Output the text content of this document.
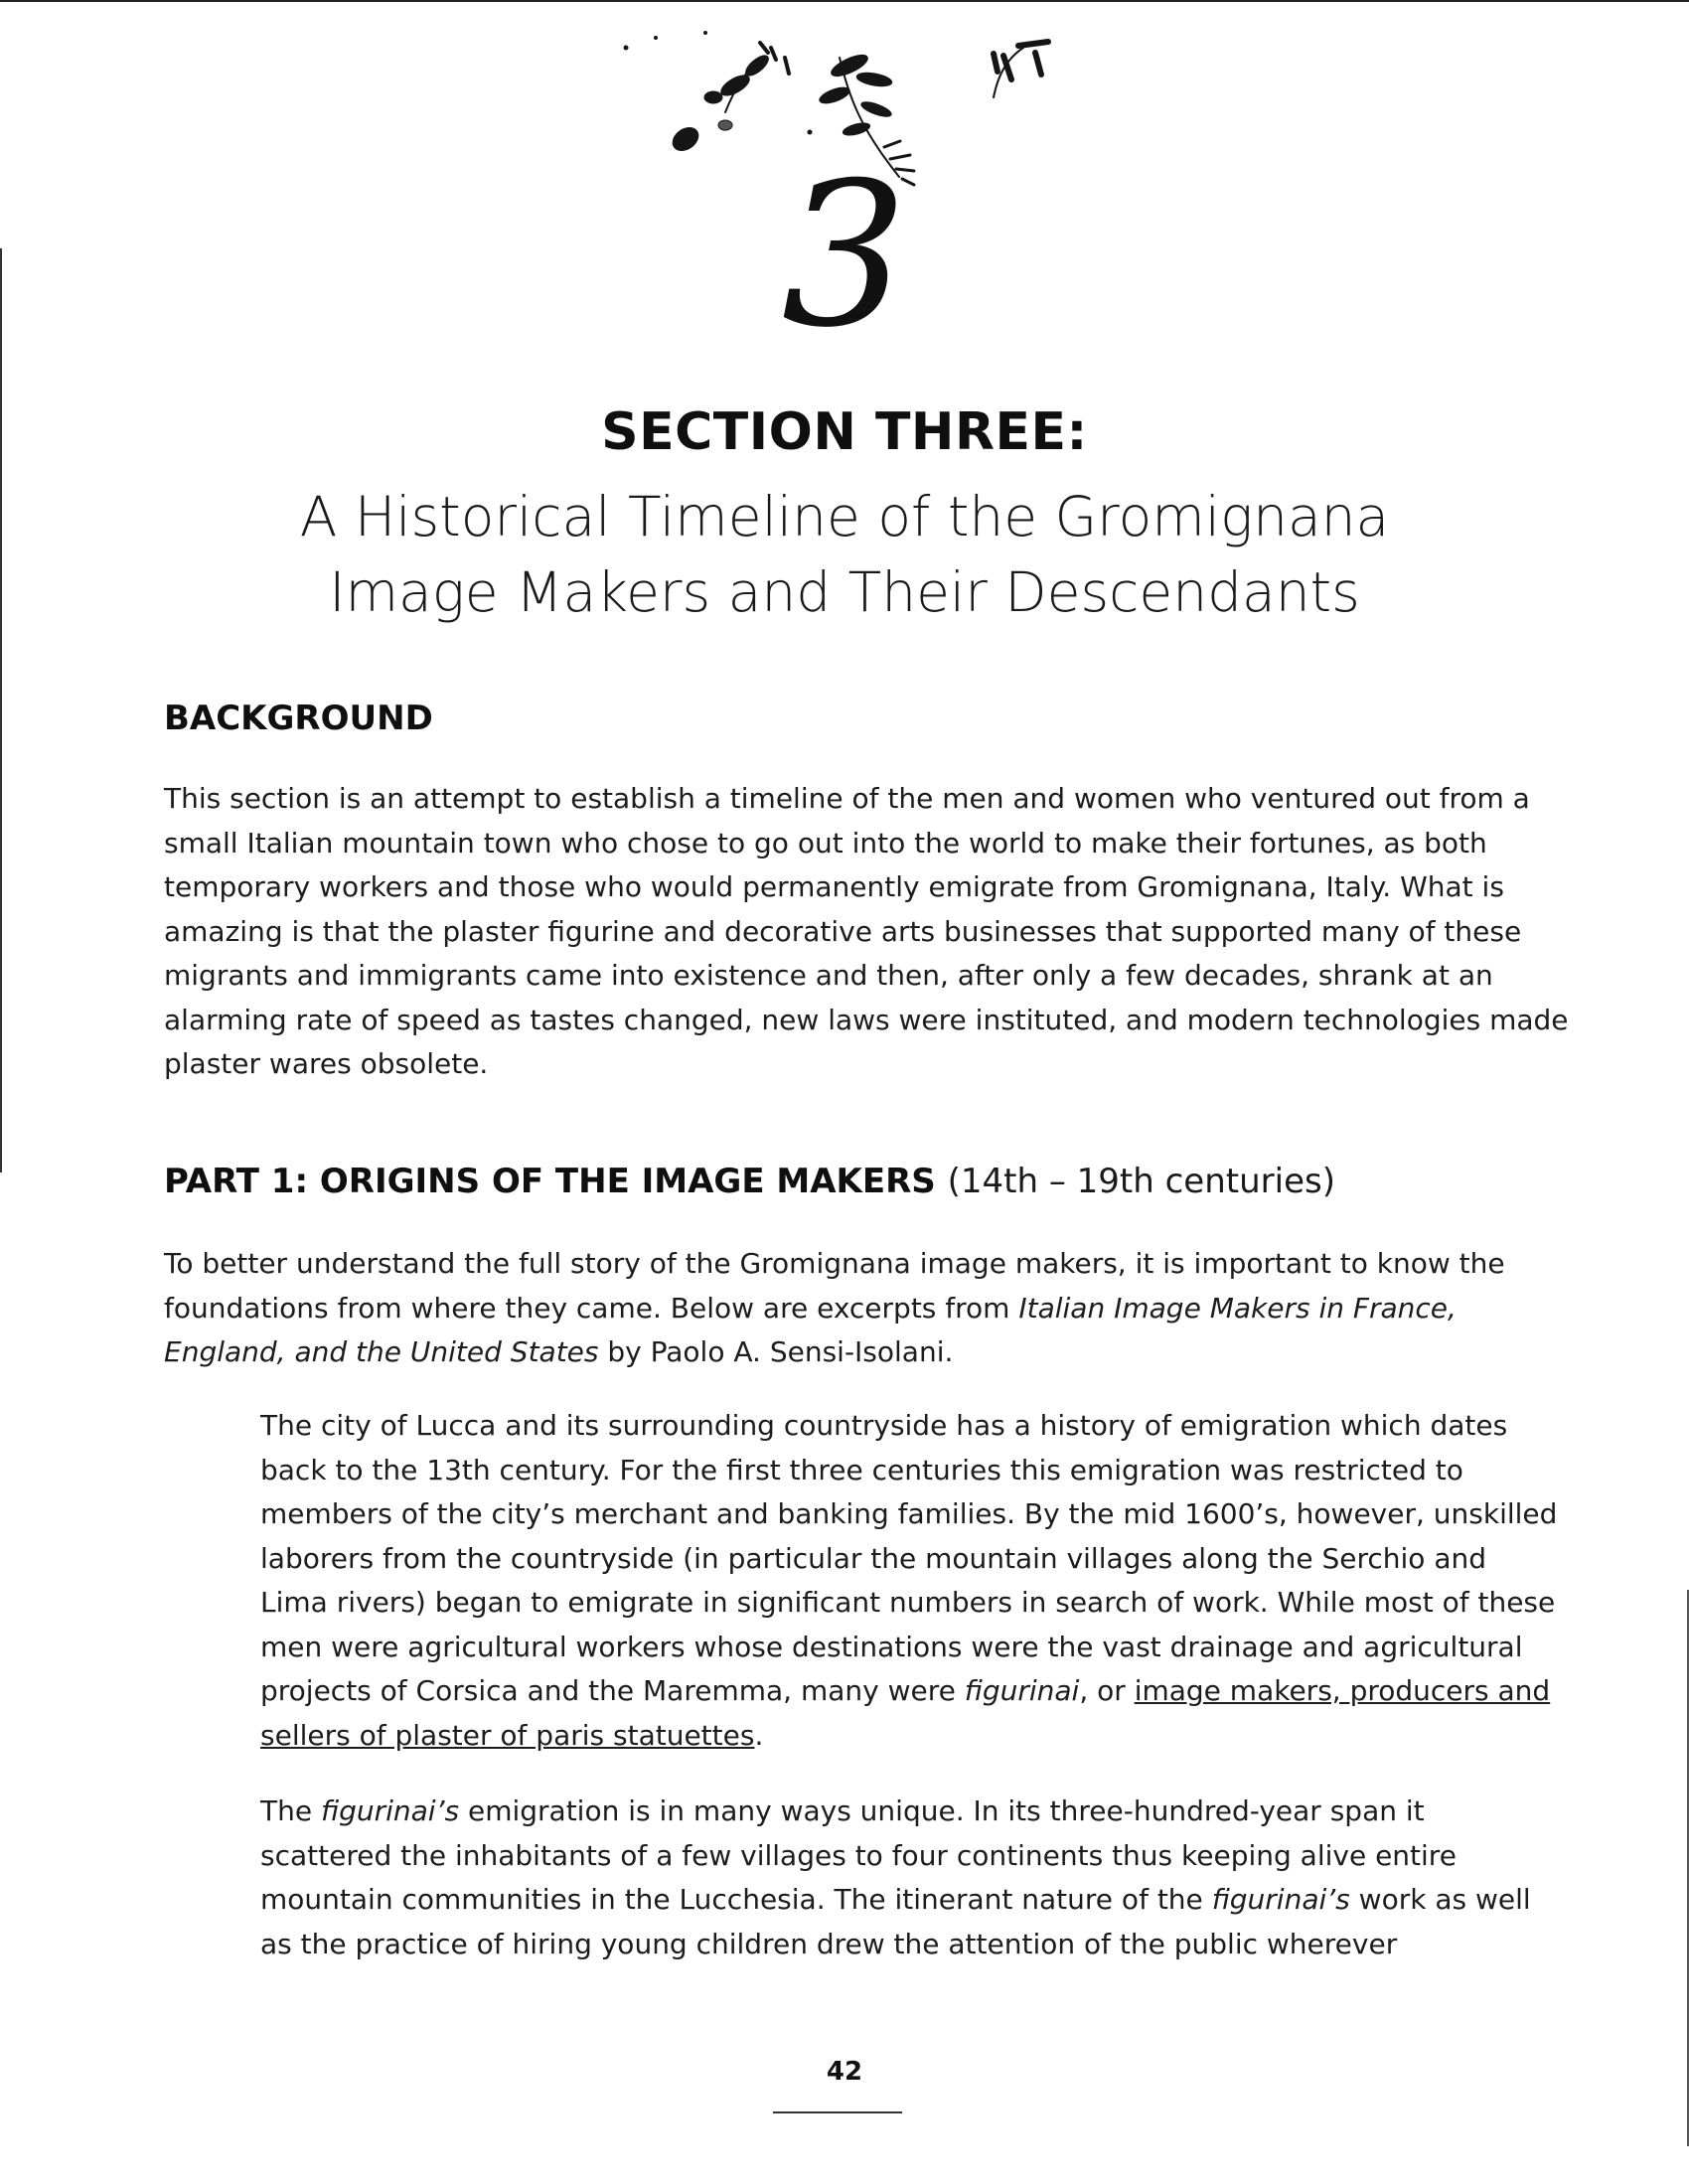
3
SECTION THREE:
A Historical Timeline of the Gromignana
Image Makers and Their Descendants
BACKGROUND

This section is an attempt to establish a timeline of the men and women who ventured out from a small Italian mountain town who chose to go out into the world to make their fortunes, as both temporary workers and those who would permanently emigrate from Gromignana, Italy. What is amazing is that the plaster figurine and decorative arts businesses that supported many of these migrants and immigrants came into existence and then, after only a few decades, shrank at an alarming rate of speed as tastes changed, new laws were instituted, and modern technologies made plaster wares obsolete.

PART 1: ORIGINS OF THE IMAGE MAKERS (14th – 19th centuries)

To better understand the full story of the Gromignana image makers, it is important to know the foundations from where they came. Below are excerpts from Italian Image Makers in France, England, and the United States by Paolo A. Sensi-Isolani.

The city of Lucca and its surrounding countryside has a history of emigration which dates back to the 13th century. For the first three centuries this emigration was restricted to members of the city’s merchant and banking families. By the mid 1600’s, however, unskilled laborers from the countryside (in particular the mountain villages along the Serchio and Lima rivers) began to emigrate in significant numbers in search of work. While most of these men were agricultural workers whose destinations were the vast drainage and agricultural projects of Corsica and the Maremma, many were figurinai, or image makers, producers and sellers of plaster of paris statuettes.

The figurinai’s emigration is in many ways unique. In its three-hundred-year span it scattered the inhabitants of a few villages to four continents thus keeping alive entire mountain communities in the Lucchesia. The itinerant nature of the figurinai’s work as well as the practice of hiring young children drew the attention of the public wherever

42
